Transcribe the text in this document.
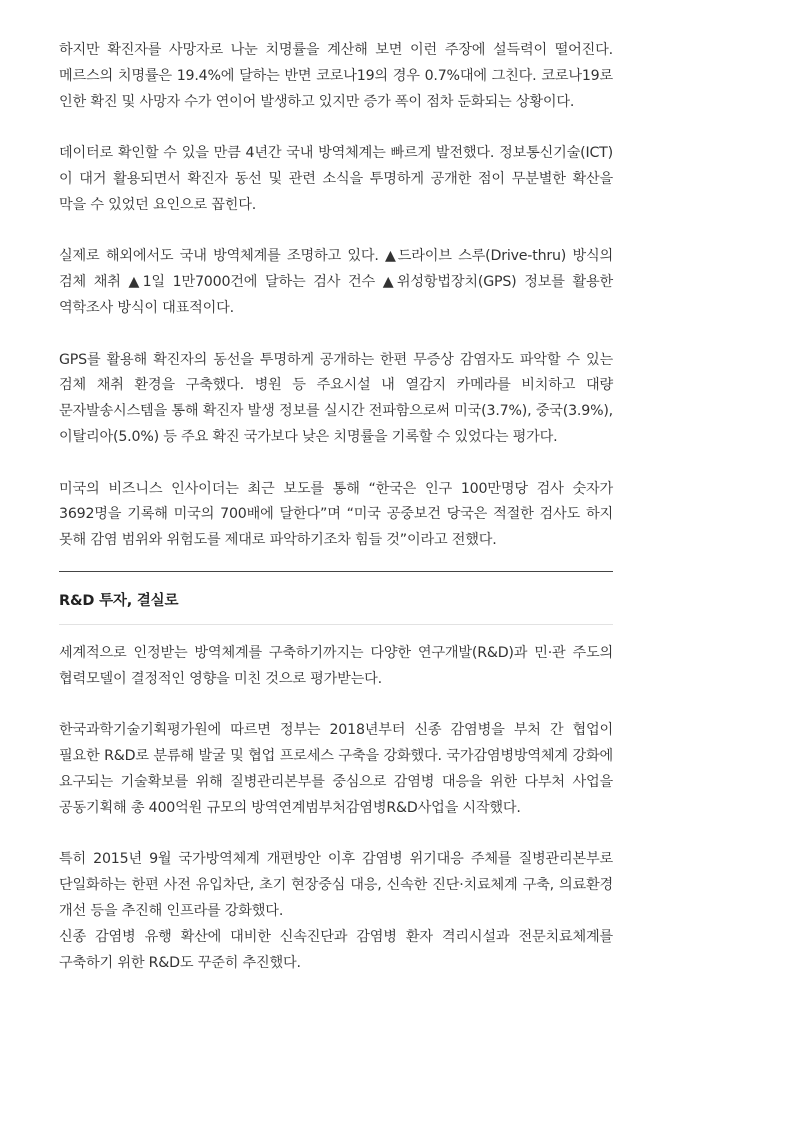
하지만 확진자를 사망자로 나눈 치명률을 계산해 보면 이런 주장에 설득력이 떨어진다. 메르스의 치명률은 19.4%에 달하는 반면 코로나19의 경우 0.7%대에 그친다. 코로나19로 인한 확진 및 사망자 수가 연이어 발생하고 있지만 증가 폭이 점차 둔화되는 상황이다.

데이터로 확인할 수 있을 만큼 4년간 국내 방역체계는 빠르게 발전했다. 정보통신기술(ICT)이 대거 활용되면서 확진자 동선 및 관련 소식을 투명하게 공개한 점이 무분별한 확산을 막을 수 있었던 요인으로 꼽힌다.

실제로 해외에서도 국내 방역체계를 조명하고 있다. ▲드라이브 스루(Drive-thru) 방식의 검체 채취 ▲1일 1만7000건에 달하는 검사 건수 ▲위성항법장치(GPS) 정보를 활용한 역학조사 방식이 대표적이다.

GPS를 활용해 확진자의 동선을 투명하게 공개하는 한편 무증상 감염자도 파악할 수 있는 검체 채취 환경을 구축했다. 병원 등 주요시설 내 열감지 카메라를 비치하고 대량 문자발송시스템을 통해 확진자 발생 정보를 실시간 전파함으로써 미국(3.7%), 중국(3.9%), 이탈리아(5.0%) 등 주요 확진 국가보다 낮은 치명률을 기록할 수 있었다는 평가다.

미국의 비즈니스 인사이더는 최근 보도를 통해 “한국은 인구 100만명당 검사 숫자가 3692명을 기록해 미국의 700배에 달한다”며 “미국 공중보건 당국은 적절한 검사도 하지 못해 감염 범위와 위험도를 제대로 파악하기조차 힘들 것”이라고 전했다.

R&D 투자, 결실로

세계적으로 인정받는 방역체계를 구축하기까지는 다양한 연구개발(R&D)과 민·관 주도의 협력모델이 결정적인 영향을 미친 것으로 평가받는다.

한국과학기술기획평가원에 따르면 정부는 2018년부터 신종 감염병을 부처 간 협업이 필요한 R&D로 분류해 발굴 및 협업 프로세스 구축을 강화했다. 국가감염병방역체계 강화에 요구되는 기술확보를 위해 질병관리본부를 중심으로 감염병 대응을 위한 다부처 사업을 공동기획해 총 400억원 규모의 방역연계범부처감염병R&D사업을 시작했다.

특히 2015년 9월 국가방역체계 개편방안 이후 감염병 위기대응 주체를 질병관리본부로 단일화하는 한편 사전 유입차단, 초기 현장중심 대응, 신속한 진단·치료체계 구축, 의료환경 개선 등을 추진해 인프라를 강화했다.

신종 감염병 유행 확산에 대비한 신속진단과 감염병 환자 격리시설과 전문치료체계를 구축하기 위한 R&D도 꾸준히 추진했다.
